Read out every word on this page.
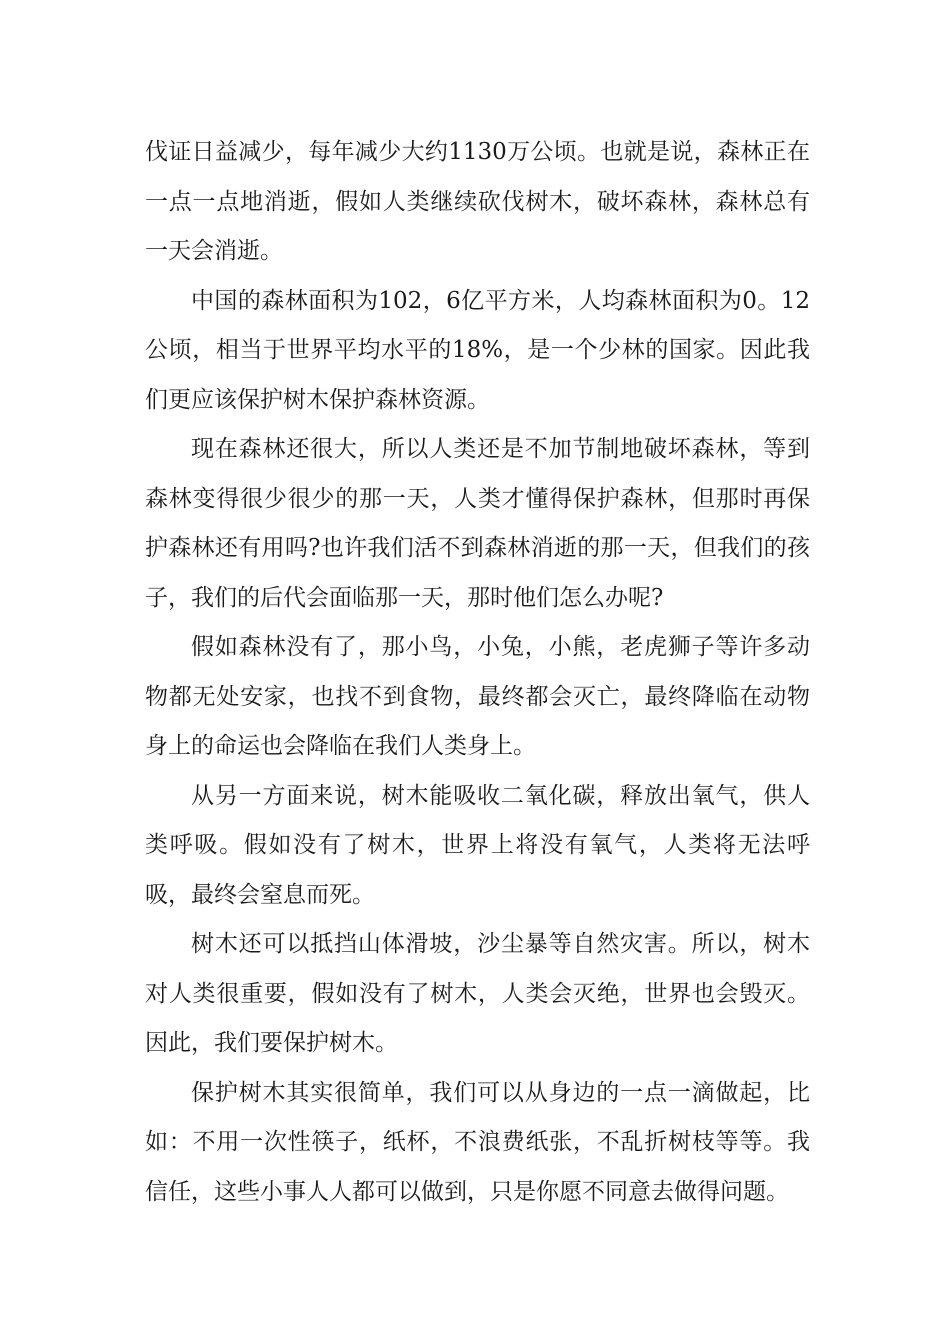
伐证日益减少，每年减少大约1130万公顷。也就是说，森林正在一点一点地消逝，假如人类继续砍伐树木，破坏森林，森林总有一天会消逝。

中国的森林面积为102，6亿平方米，人均森林面积为0。12公顷，相当于世界平均水平的18%，是一个少林的国家。因此我们更应该保护树木保护森林资源。

现在森林还很大，所以人类还是不加节制地破坏森林，等到森林变得很少很少的那一天，人类才懂得保护森林，但那时再保护森林还有用吗?也许我们活不到森林消逝的那一天，但我们的孩子，我们的后代会面临那一天，那时他们怎么办呢?

假如森林没有了，那小鸟，小兔，小熊，老虎狮子等许多动物都无处安家，也找不到食物，最终都会灭亡，最终降临在动物身上的命运也会降临在我们人类身上。

从另一方面来说，树木能吸收二氧化碳，释放出氧气，供人类呼吸。假如没有了树木，世界上将没有氧气，人类将无法呼吸，最终会窒息而死。

树木还可以抵挡山体滑坡，沙尘暴等自然灾害。所以，树木对人类很重要，假如没有了树木，人类会灭绝，世界也会毁灭。因此，我们要保护树木。

保护树木其实很简单，我们可以从身边的一点一滴做起，比如：不用一次性筷子，纸杯，不浪费纸张，不乱折树枝等等。我信任，这些小事人人都可以做到，只是你愿不同意去做得问题。
